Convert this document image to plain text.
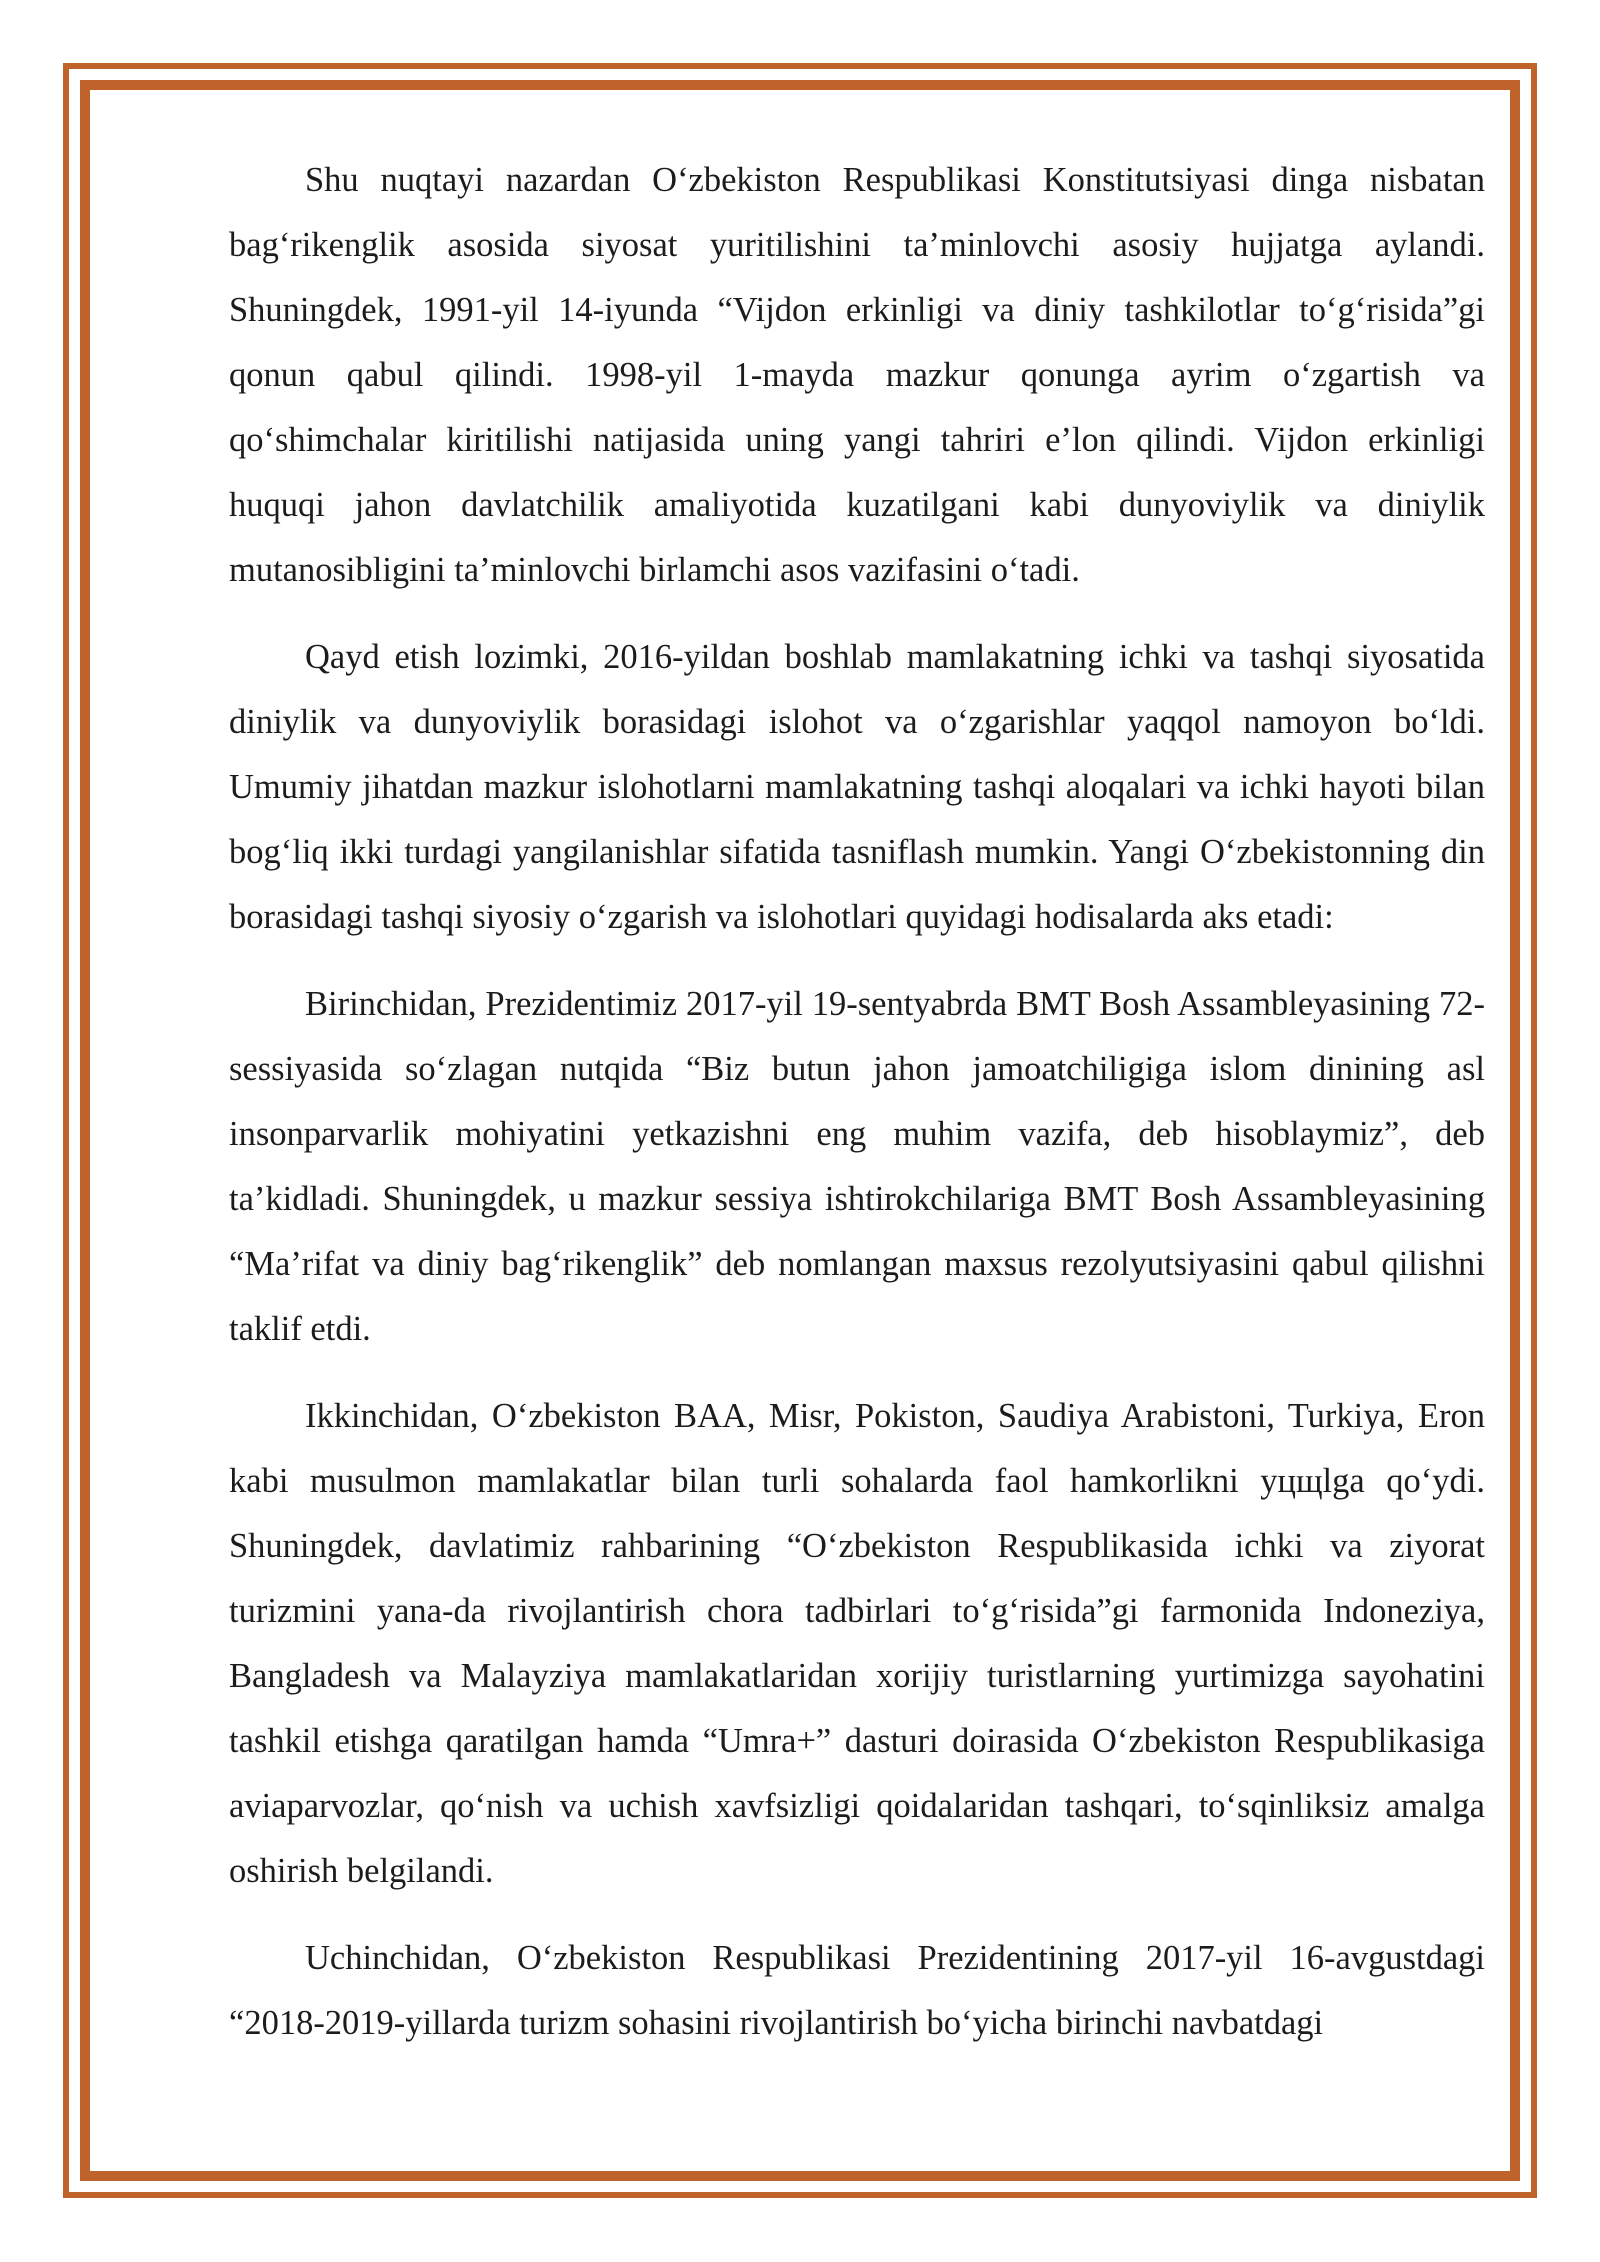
Shu nuqtayi nazardan O‘zbekiston Respublikasi Konstitutsiyasi dinga nisbatan bag‘rikenglik asosida siyosat yuritilishini ta’minlovchi asosiy hujjatga aylandi. Shuningdek, 1991-yil 14-iyunda “Vijdon erkinligi va diniy tashkilotlar to‘g‘risida”gi qonun qabul qilindi. 1998-yil 1-mayda mazkur qonunga ayrim o‘zgartish va qo‘shimchalar kiritilishi natijasida uning yangi tahriri e’lon qilindi. Vijdon erkinligi huquqi jahon davlatchilik amaliyotida kuzatilgani kabi dunyoviylik va diniylik mutanosibligini ta’minlovchi birlamchi asos vazifasini o‘tadi.

Qayd etish lozimki, 2016-yildan boshlab mamlakatning ichki va tashqi siyosatida diniylik va dunyoviylik borasidagi islohot va o‘zgarishlar yaqqol namoyon bo‘ldi. Umumiy jihatdan mazkur islohotlarni mamlakatning tashqi aloqalari va ichki hayoti bilan bog‘liq ikki turdagi yangilanishlar sifatida tasniflash mumkin. Yangi O‘zbekistonning din borasidagi tashqi siyosiy o‘zgarish va islohotlari quyidagi hodisalarda aks etadi:

Birinchidan, Prezidentimiz 2017-yil 19-sentyabrda BMT Bosh Assambleyasining 72-sessiyasida so‘zlagan nutqida “Biz butun jahon jamoatchiligiga islom dinining asl insonparvarlik mohiyatini yetkazishni eng muhim vazifa, deb hisoblaymiz”, deb ta’kidladi. Shuningdek, u mazkur sessiya ishtirokchilariga BMT Bosh Assambleyasining “Ma’rifat va diniy bag‘rikenglik” deb nomlangan maxsus rezolyutsiyasini qabul qilishni taklif etdi.

Ikkinchidan, O‘zbekiston BAA, Misr, Pokiston, Saudiya Arabistoni, Turkiya, Eron kabi musulmon mamlakatlar bilan turli sohalarda faol hamkorlikni yцщlga qo‘ydi. Shuningdek, davlatimiz rahbarining “O‘zbekiston Respublikasida ichki va ziyorat turizmini yana-da rivojlantirish chora tadbirlari to‘g‘risida”gi farmonida Indoneziya, Bangladesh va Malayziya mamlakatlaridan xorijiy turistlarning yurtimizga sayohatini tashkil etishga qaratilgan hamda “Umra+” dasturi doirasida O‘zbekiston Respublikasiga aviaparvozlar, qo‘nish va uchish xavfsizligi qoidalaridan tashqari, to‘sqinliksiz amalga oshirish belgilandi.

Uchinchidan, O‘zbekiston Respublikasi Prezidentining 2017-yil 16-avgustdagi “2018-2019-yillarda turizm sohasini rivojlantirish bo‘yicha birinchi navbatdagi
